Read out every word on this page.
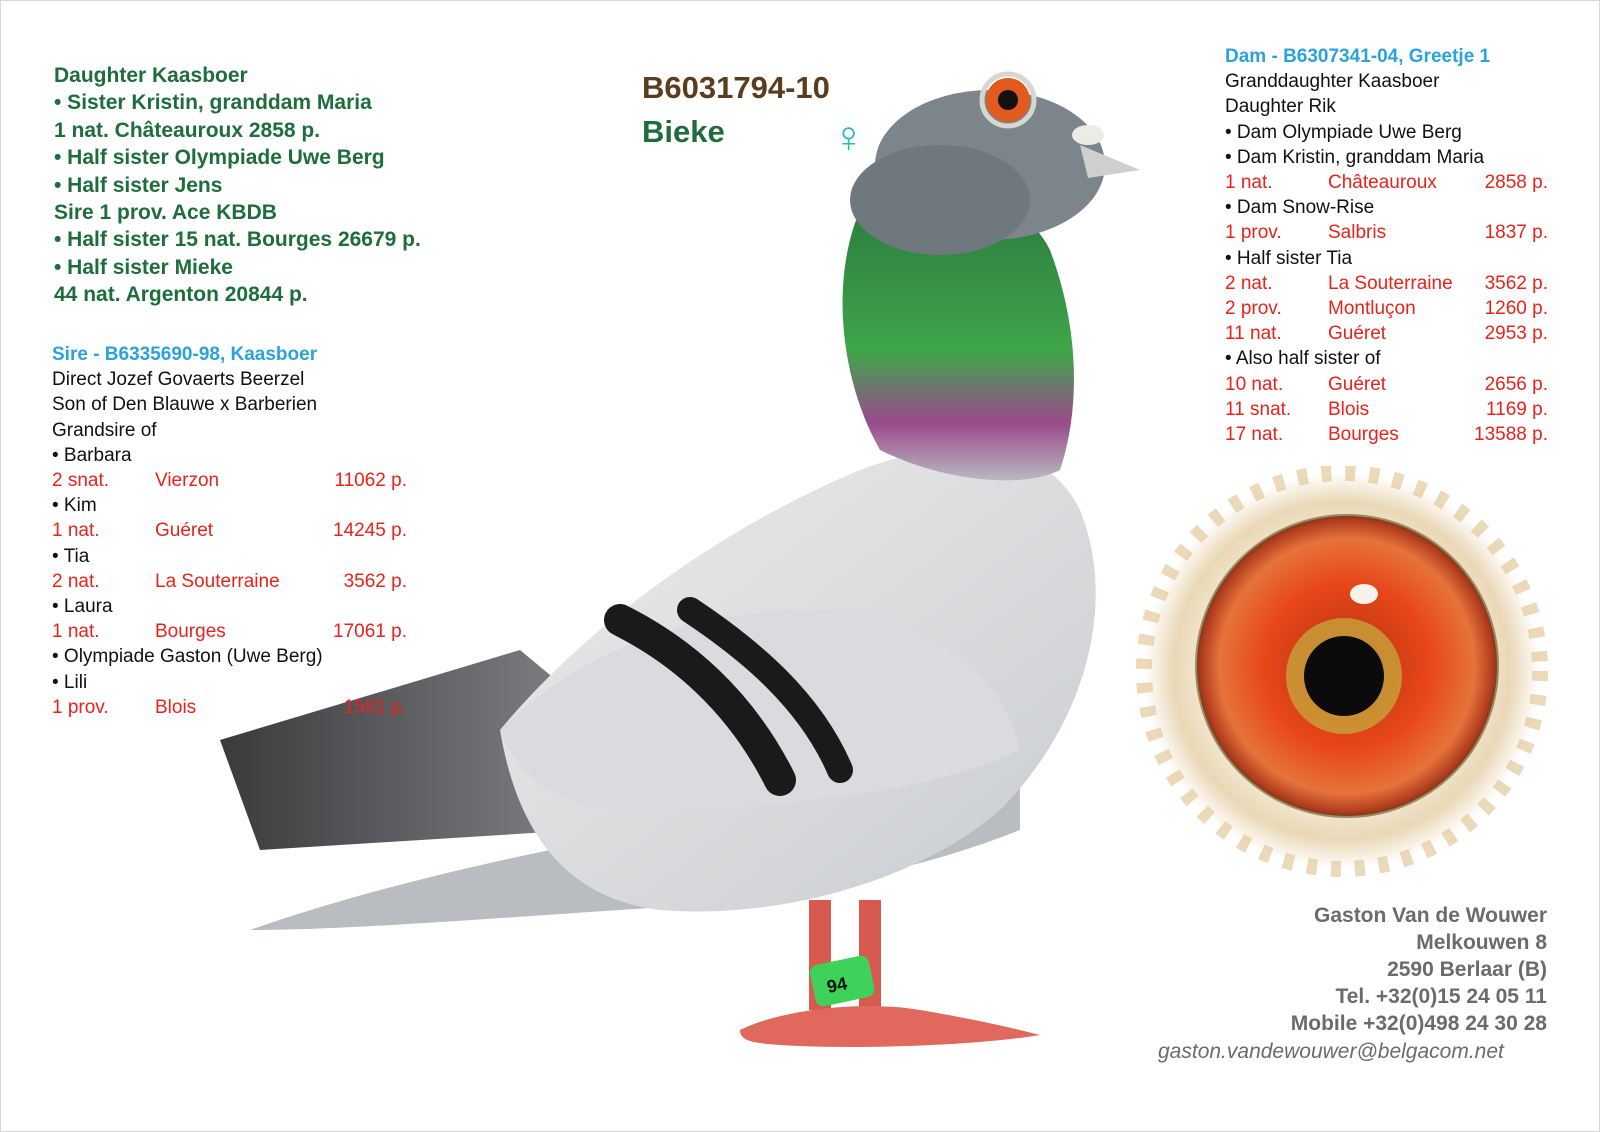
Daughter Kaasboer
• Sister Kristin, granddam Maria
1 nat. Châteauroux 2858 p.
• Half sister Olympiade Uwe Berg
• Half sister Jens
Sire 1 prov. Ace KBDB
• Half sister 15 nat. Bourges 26679 p.
• Half sister Mieke
44 nat. Argenton 20844 p.
B6031794-10
Bieke	♀
94
Sire - B6335690-98, Kaasboer
Direct Jozef Govaerts Beerzel
Son of Den Blauwe x Barberien
Grandsire of
• Barbara
2 snat. Vierzon	11062 p.
• Kim
1 nat.	Guéret	14245 p.
• Tia
2 nat.	La Souterraine	3562 p.
• Laura
1 nat.	Bourges	17061 p.
• Olympiade Gaston (Uwe Berg)
• Lili
1 prov. Blois	1581 p.
Dam - B6307341-04, Greetje 1
Granddaughter Kaasboer
Daughter Rik
• Dam Olympiade Uwe Berg
• Dam Kristin, granddam Maria
1 nat.	Châteauroux	2858 p.
• Dam Snow-Rise
1 prov. Salbris	1837 p.
• Half sister Tia
2 nat.	La Souterraine 3562 p.
2 prov. Montluçon	1260 p.
11 nat. Guéret	2953 p.
• Also half sister of
10 nat. Guéret	2656 p.
11 snat. Blois	1169 p.
17 nat. Bourges	13588 p.
Gaston Van de Wouwer
Melkouwen 8
2590 Berlaar (B)
Tel. +32(0)15 24 05 11
Mobile +32(0)498 24 30 28
gaston.vandewouwer@belgacom.net
